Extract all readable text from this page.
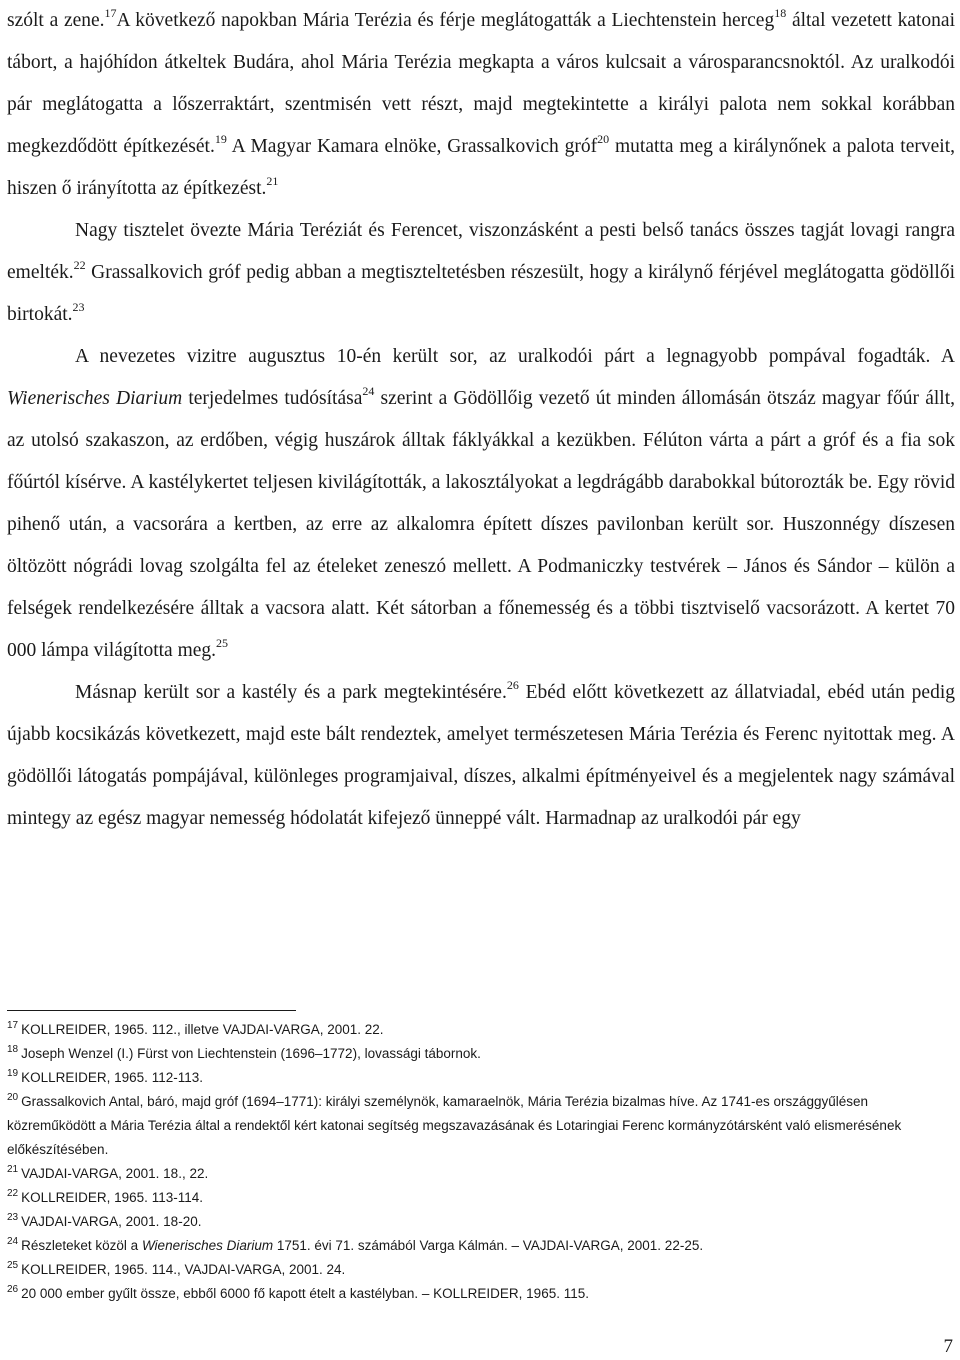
szólt a zene.$^{17}$A következő napokban Mária Terézia és férje meglátogatták a Liechtenstein herceg$^{18}$ által vezetett katonai tábort, a hajóhídon átkeltek Budára, ahol Mária Terézia megkapta a város kulcsait a városparancsnoktól. Az uralkodói pár meglátogatta a lőszerraktárt, szentmisén vett részt, majd megtekintette a királyi palota nem sokkal korábban megkezdődött építkezését.$^{19}$ A Magyar Kamara elnöke, Grassalkovich gróf$^{20}$ mutatta meg a királynőnek a palota terveit, hiszen ő irányította az építkezést.$^{21}$

Nagy tisztelet övezte Mária Teréziát és Ferencet, viszonzásként a pesti belső tanács összes tagját lovagi rangra emelték.$^{22}$ Grassalkovich gróf pedig abban a megtiszteltetésben részesült, hogy a királynő férjével meglátogatta gödöllői birtokát.$^{23}$

A nevezetes vizitre augusztus 10-én került sor, az uralkodói párt a legnagyobb pompával fogadták. A Wienerisches Diarium terjedelmes tudósítása$^{24}$ szerint a Gödöllőig vezető út minden állomásán ötszáz magyar főúr állt, az utolsó szakaszon, az erdőben, végig huszárok álltak fáklyákkal a kezükben. Félúton várta a párt a gróf és a fia sok főúrtól kísérve. A kastélykertet teljesen kivilágították, a lakosztályokat a legdrágább darabokkal bútorozták be. Egy rövid pihenő után, a vacsorára a kertben, az erre az alkalomra épített díszes pavilonban került sor. Huszonnégy díszesen öltözött nógrádi lovag szolgálta fel az ételeket zeneszó mellett. A Podmaniczky testvérek – János és Sándor – külön a felségek rendelkezésére álltak a vacsora alatt. Két sátorban a főnemesség és a többi tisztviselő vacsorázott. A kertet 70 000 lámpa világította meg.$^{25}$

Másnap került sor a kastély és a park megtekintésére.$^{26}$ Ebéd előtt következett az állatviadal, ebéd után pedig újabb kocsikázás következett, majd este bált rendeztek, amelyet természetesen Mária Terézia és Ferenc nyitottak meg. A gödöllői látogatás pompájával, különleges programjaival, díszes, alkalmi építményeivel és a megjelentek nagy számával mintegy az egész magyar nemesség hódolatát kifejező ünneppé vált. Harmadnap az uralkodói pár egy

$^{17}$ KOLLREIDER, 1965. 112., illetve VAJDAI-VARGA, 2001. 22.
$^{18}$ Joseph Wenzel (I.) Fürst von Liechtenstein (1696–1772), lovassági tábornok.
$^{19}$ KOLLREIDER, 1965. 112-113.
$^{20}$ Grassalkovich Antal, báró, majd gróf (1694–1771): királyi személynök, kamaraelnök, Mária Terézia bizalmas híve. Az 1741-es országgyűlésen közreműködött a Mária Terézia által a rendektől kért katonai segítség megszavazásának és Lotaringiai Ferenc kormányzótársként való elismerésének előkészítésében.
$^{21}$ VAJDAI-VARGA, 2001. 18., 22.
$^{22}$ KOLLREIDER, 1965. 113-114.
$^{23}$ VAJDAI-VARGA, 2001. 18-20.
$^{24}$ Részleteket közöl a Wienerisches Diarium 1751. évi 71. számából Varga Kálmán. – VAJDAI-VARGA, 2001. 22-25.
$^{25}$ KOLLREIDER, 1965. 114., VAJDAI-VARGA, 2001. 24.
$^{26}$ 20 000 ember gyűlt össze, ebből 6000 fő kapott ételt a kastélyban. – KOLLREIDER, 1965. 115.
7
